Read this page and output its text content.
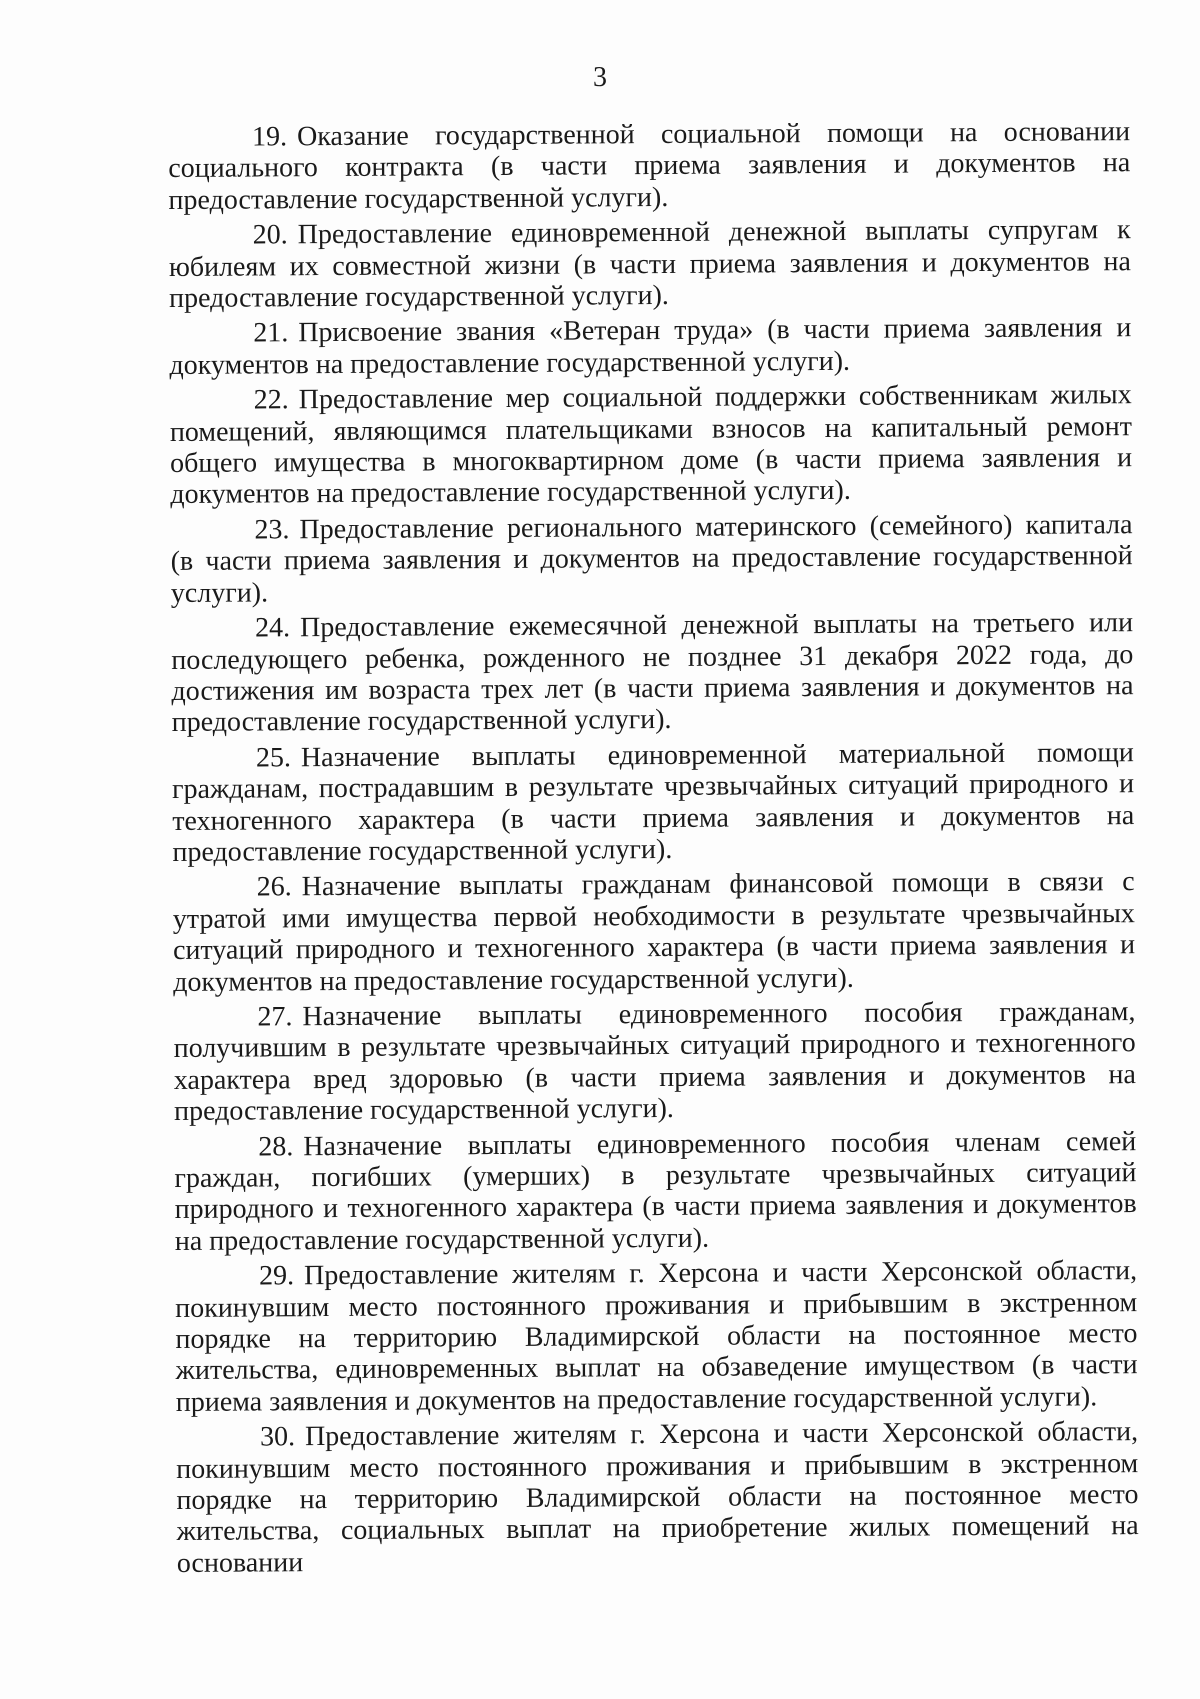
3

19. Оказание государственной социальной помощи на основании социального контракта (в части приема заявления и документов на предоставление государственной услуги).

20. Предоставление единовременной денежной выплаты супругам к юбилеям их совместной жизни (в части приема заявления и документов на предоставление государственной услуги).

21. Присвоение звания «Ветеран труда» (в части приема заявления и документов на предоставление государственной услуги).

22. Предоставление мер социальной поддержки собственникам жилых помещений, являющимся плательщиками взносов на капитальный ремонт общего имущества в многоквартирном доме (в части приема заявления и документов на предоставление государственной услуги).

23. Предоставление регионального материнского (семейного) капитала (в части приема заявления и документов на предоставление государственной услуги).

24. Предоставление ежемесячной денежной выплаты на третьего или последующего ребенка, рожденного не позднее 31 декабря 2022 года, до достижения им возраста трех лет (в части приема заявления и документов на предоставление государственной услуги).

25. Назначение выплаты единовременной материальной помощи гражданам, пострадавшим в результате чрезвычайных ситуаций природного и техногенного характера (в части приема заявления и документов на предоставление государственной услуги).

26. Назначение выплаты гражданам финансовой помощи в связи с утратой ими имущества первой необходимости в результате чрезвычайных ситуаций природного и техногенного характера (в части приема заявления и документов на предоставление государственной услуги).

27. Назначение выплаты единовременного пособия гражданам, получившим в результате чрезвычайных ситуаций природного и техногенного характера вред здоровью (в части приема заявления и документов на предоставление государственной услуги).

28. Назначение выплаты единовременного пособия членам семей граждан, погибших (умерших) в результате чрезвычайных ситуаций природного и техногенного характера (в части приема заявления и документов на предоставление государственной услуги).

29. Предоставление жителям г. Херсона и части Херсонской области, покинувшим место постоянного проживания и прибывшим в экстренном порядке на территорию Владимирской области на постоянное место жительства, единовременных выплат на обзаведение имуществом (в части приема заявления и документов на предоставление государственной услуги).

30. Предоставление жителям г. Херсона и части Херсонской области, покинувшим место постоянного проживания и прибывшим в экстренном порядке на территорию Владимирской области на постоянное место жительства, социальных выплат на приобретение жилых помещений на основании
